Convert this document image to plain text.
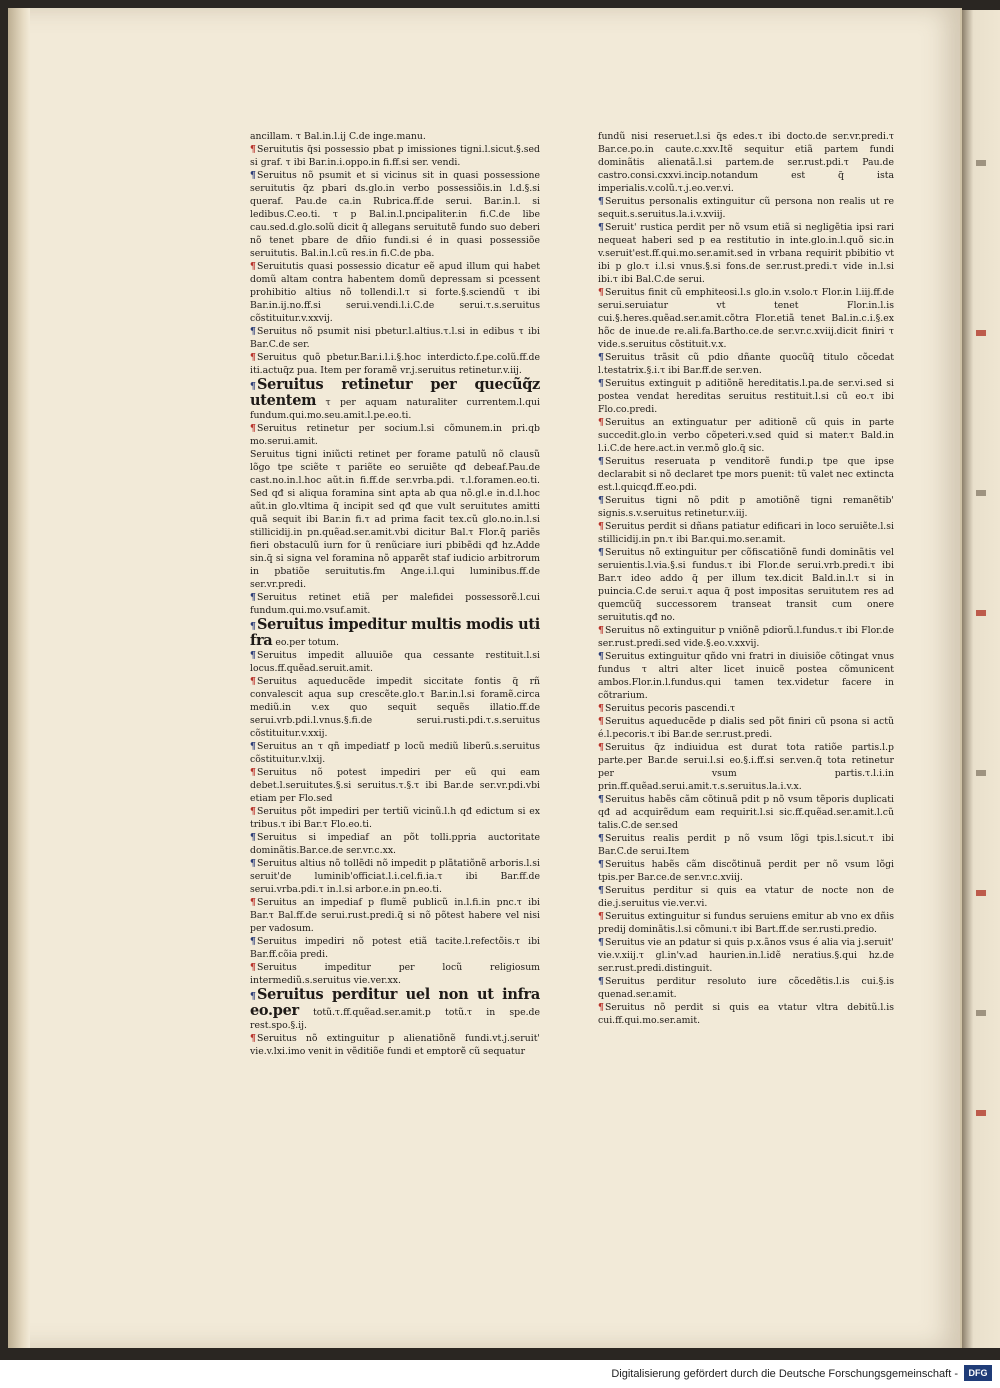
ancillam. τ Bal.in.l.ij C.de inge.manu.

¶Seruitutis q̃si possessio pbat p imissiones tigni.l.sicut.§.sed si graf. τ ibi Bar.in.i.oppo.in fi.ff.si ser. vendi.

¶Seruitus nõ psumit et si vicinus sit in quasi possessione seruitutis q̃z pbari ds.glo.in verbo possessiõis.in l.d.§.si queraf. Pau.de ca.in Rubrica.ff.de serui. Bar.in.l. si ledibus.C.eo.ti. τ p Bal.in.l.pncipaliter.in fi.C.de libe cau.sed.d.glo.solũ dicit q̃ allegans seruitutẽ fundo suo deberi nõ tenet pbare de dñio fundi.si é in quasi possessiõe seruitutis. Bal.in.l.cũ res.in fi.C.de pba.

¶Seruitutis quasi possessio dicatur eẽ apud illum qui habet domũ altam contra habentem domũ depressam si pcessent prohibitio altius nõ tollendi.l.τ si forte.§.sciendũ τ ibi Bar.in.ij.no.ff.si serui.vendi.l.i.C.de serui.τ.s.seruitus cõstituitur.v.xxvij.

¶Seruitus nõ psumit nisi pbetur.l.altius.τ.l.si in edibus τ ibi Bar.C.de ser.

¶Seruitus quõ pbetur.Bar.i.l.i.§.hoc interdicto.f.pe.colũ.ff.de iti.actuq̃z pua. Item per foramẽ vr.j.seruitus retinetur.v.iij.

¶Seruitus retinetur per quecũq̃z utentem τ per aquam naturaliter currentem.l.qui fundum.qui.mo.seu.amit.l.pe.eo.ti.

¶Seruitus retinetur per socium.l.si cõmunem.in pri.qb mo.serui.amit.

Seruitus tigni iniũcti retinet per forame patulũ nõ clausũ lõgo tpe sciẽte τ pariẽte eo seruiẽte qđ debeaf.Pau.de cast.no.in.l.hoc aũt.in fi.ff.de ser.vrba.pdi. τ.l.foramen.eo.ti. Sed qđ si aliqua foramina sint apta ab qua nõ.gl.e in.d.l.hoc aũt.in glo.vltima q̃ incipit sed qđ que vult seruitutes amitti quã sequit ibi Bar.in fi.τ ad prima facit tex.cũ glo.no.in.l.si stillicidij.in pn.quẽad.ser.amit.vbi dicitur Bal.τ Flor.q̃ pariẽs fieri obstaculũ iurn for ũ renũciare iuri pbibẽdi qđ hz.Adde sin.q̃ si signa vel foramina nõ apparẽt staf iudicio arbitrorum in pbatiõe seruitutis.fm Ange.i.l.qui luminibus.ff.de ser.vr.predi.

¶Seruitus retinet etiã per malefidei possessorẽ.l.cui fundum.qui.mo.vsuf.amit.

¶Seruitus impeditur multis modis uti fra eo.per totum.

¶Seruitus impedit alluuiõe qua cessante restituit.l.si locus.ff.quẽad.seruit.amit.

¶Seruitus aqueducẽde impedit siccitate fontis q̃ rñ convalescit aqua sup crescẽte.glo.τ Bar.in.l.si foramẽ.circa mediũ.in v.ex quo sequit sequẽs illatio.ff.de serui.vrb.pdi.l.vnus.§.fi.de serui.rusti.pdi.τ.s.seruitus cõstituitur.v.xxij.

¶Seruitus an τ qñ impediatf p locũ mediũ liberũ.s.seruitus cõstituitur.v.lxij.

¶Seruitus nõ potest impediri per eũ qui eam debet.l.seruitutes.§.si seruitus.τ.§.τ ibi Bar.de ser.vr.pdi.vbi etiam per Flo.sed

¶Seruitus põt impediri per tertiũ vicinũ.l.h qđ edictum si ex tribus.τ ibi Bar.τ Flo.eo.ti.

¶Seruitus si impediaf an põt tolli.ppria auctoritate dominãtis.Bar.ce.de ser.vr.c.xx.

¶Seruitus altius nõ tollẽdi nõ impedit p plãtatiõnẽ arboris.l.si seruit'de luminib'officiat.l.i.cel.fi.ia.τ ibi Bar.ff.de serui.vrba.pdi.τ in.l.si arbor.e.in pn.eo.ti.

¶Seruitus an impediaf p flumẽ publicũ in.l.fi.in pnc.τ ibi Bar.τ Bal.ff.de serui.rust.predi.q̃ si nõ põtest habere vel nisi per vadosum.

¶Seruitus impediri nõ potest etiã tacite.l.refectõis.τ ibi Bar.ff.cõia predi.

¶Seruitus impeditur per locũ religiosum intermediũ.s.seruitus vie.ver.xx.

¶Seruitus perditur uel non ut infra eo.per totũ.τ.ff.quẽad.ser.amit.p totũ.τ in spe.de rest.spo.§.ij.

¶Seruitus nõ extinguitur p alienatiõnẽ fundi.vt.j.seruit' vie.v.lxi.imo venit in vẽditiõe fundi et emptorẽ cũ sequatur

fundũ nisi reseruet.l.si q̃s edes.τ ibi docto.de ser.vr.predi.τ Bar.ce.po.in caute.c.xxv.Itẽ sequitur etiã partem fundi dominãtis alienatã.l.si partem.de ser.rust.pdi.τ Pau.de castro.consi.cxxvi.incip.notandum est q̃ ista imperialis.v.colũ.τ.j.eo.ver.vi.

¶Seruitus personalis extinguitur cũ persona non realis ut re sequit.s.seruitus.la.i.v.xviij.

¶Seruit' rustica perdit per nõ vsum etiã si negligẽtia ipsi rari nequeat haberi sed p ea restitutio in inte.glo.in.l.quõ sic.in v.seruit'est.ff.qui.mo.ser.amit.sed in vrbana requirit pbibitio vt ibi p glo.τ i.l.si vnus.§.si fons.de ser.rust.predi.τ vide in.l.si ibi.τ ibi Bal.C.de serui.

¶Seruitus finit cũ emphiteosi.l.s glo.in v.solo.τ Flor.in l.iij.ff.de serui.seruiatur vt tenet Flor.in.l.is cui.§.heres.quẽad.ser.amit.cõtra Flor.etiã tenet Bal.in.c.i.§.ex hõc de inue.de re.ali.fa.Bartho.ce.de ser.vr.c.xviij.dicit finiri τ vide.s.seruitus cõstituit.v.x.

¶Seruitus trãsit cũ pdio dñante quocũq̃ titulo cõcedat l.testatrix.§.i.τ ibi Bar.ff.de ser.ven.

¶Seruitus extinguit p aditiõnẽ hereditatis.l.pa.de ser.vi.sed si postea vendat hereditas seruitus restituit.l.si cũ eo.τ ibi Flo.co.predi.

¶Seruitus an extinguatur per aditionẽ cũ quis in parte succedit.glo.in verbo cõpeteri.v.sed quid si mater.τ Bald.in l.i.C.de here.act.in ver.mõ glo.q̃ sic.

¶Seruitus reseruata p venditorẽ fundi.p tpe que ipse declarabit si nõ declaret tpe mors puenit: tũ valet nec extincta est.l.quicqđ.ff.eo.pdi.

¶Seruitus tigni nõ pdit p amotiõnẽ tigni remanẽtib' signis.s.v.seruitus retinetur.v.iij.

¶Seruitus perdit si dñans patiatur edificari in loco seruiẽte.l.si stillicidij.in pn.τ ibi Bar.qui.mo.ser.amit.

¶Seruitus nõ extinguitur per cõfiscatiõnẽ fundi dominãtis vel seruientis.l.via.§.si fundus.τ ibi Flor.de serui.vrb.predi.τ ibi Bar.τ ideo addo q̃ per illum tex.dicit Bald.in.l.τ si in puincia.C.de serui.τ aqua q̃ post impositas seruitutem res ad quemcũq̃ successorem transeat transit cum onere seruitutis.qđ no.

¶Seruitus nõ extinguitur p vniõnẽ pdiorũ.l.fundus.τ ibi Flor.de ser.rust.predi.sed vide.§.eo.v.xxvij.

¶Seruitus extinguitur qñdo vni fratri in diuisiõe cõtingat vnus fundus τ altri alter licet inuicẽ postea cõmunicent ambos.Flor.in.l.fundus.qui tamen tex.videtur facere in cõtrarium.

¶Seruitus pecoris pascendi.τ

¶Seruitus aqueducẽde p dialis sed põt finiri cũ psona si actũ é.l.pecoris.τ ibi Bar.de ser.rust.predi.

¶Seruitus q̃z indiuidua est durat tota ratiõe partis.l.p parte.per Bar.de serui.l.si eo.§.i.ff.si ser.ven.q̃ tota retinetur per vsum partis.τ.l.i.in prin.ff.quẽad.serui.amit.τ.s.seruitus.la.i.v.x.

¶Seruitus habẽs cãm cõtinuã pdit p nõ vsum tẽporis duplicati qđ ad acquirẽdum eam requirit.l.si sic.ff.quẽad.ser.amit.l.cũ talis.C.de ser.sed

¶Seruitus realis perdit p nõ vsum lõgi tpis.l.sicut.τ ibi Bar.C.de serui.Item

¶Seruitus habẽs cãm discõtinuã perdit per nõ vsum lõgi tpis.per Bar.ce.de ser.vr.c.xviij.

¶Seruitus perditur si quis ea vtatur de nocte non de die.j.seruitus vie.ver.vi.

¶Seruitus extinguitur si fundus seruiens emitur ab vno ex dñis predij dominãtis.l.si cõmuni.τ ibi Bart.ff.de ser.rusti.predio.

¶Seruitus vie an pdatur si quis p.x.ãnos vsus é alia via j.seruit' vie.v.xiij.τ gl.in'v.ad haurien.in.l.idẽ neratius.§.qui hz.de ser.rust.predi.distinguit.

¶Seruitus perditur resoluto iure cõcedẽtis.l.is cui.§.is quenad.ser.amit.

¶Seruitus nõ perdit si quis ea vtatur vltra debitũ.l.is cui.ff.qui.mo.ser.amit.

Digitalisierung gefördert durch die Deutsche Forschungsgemeinschaft -	DFG
